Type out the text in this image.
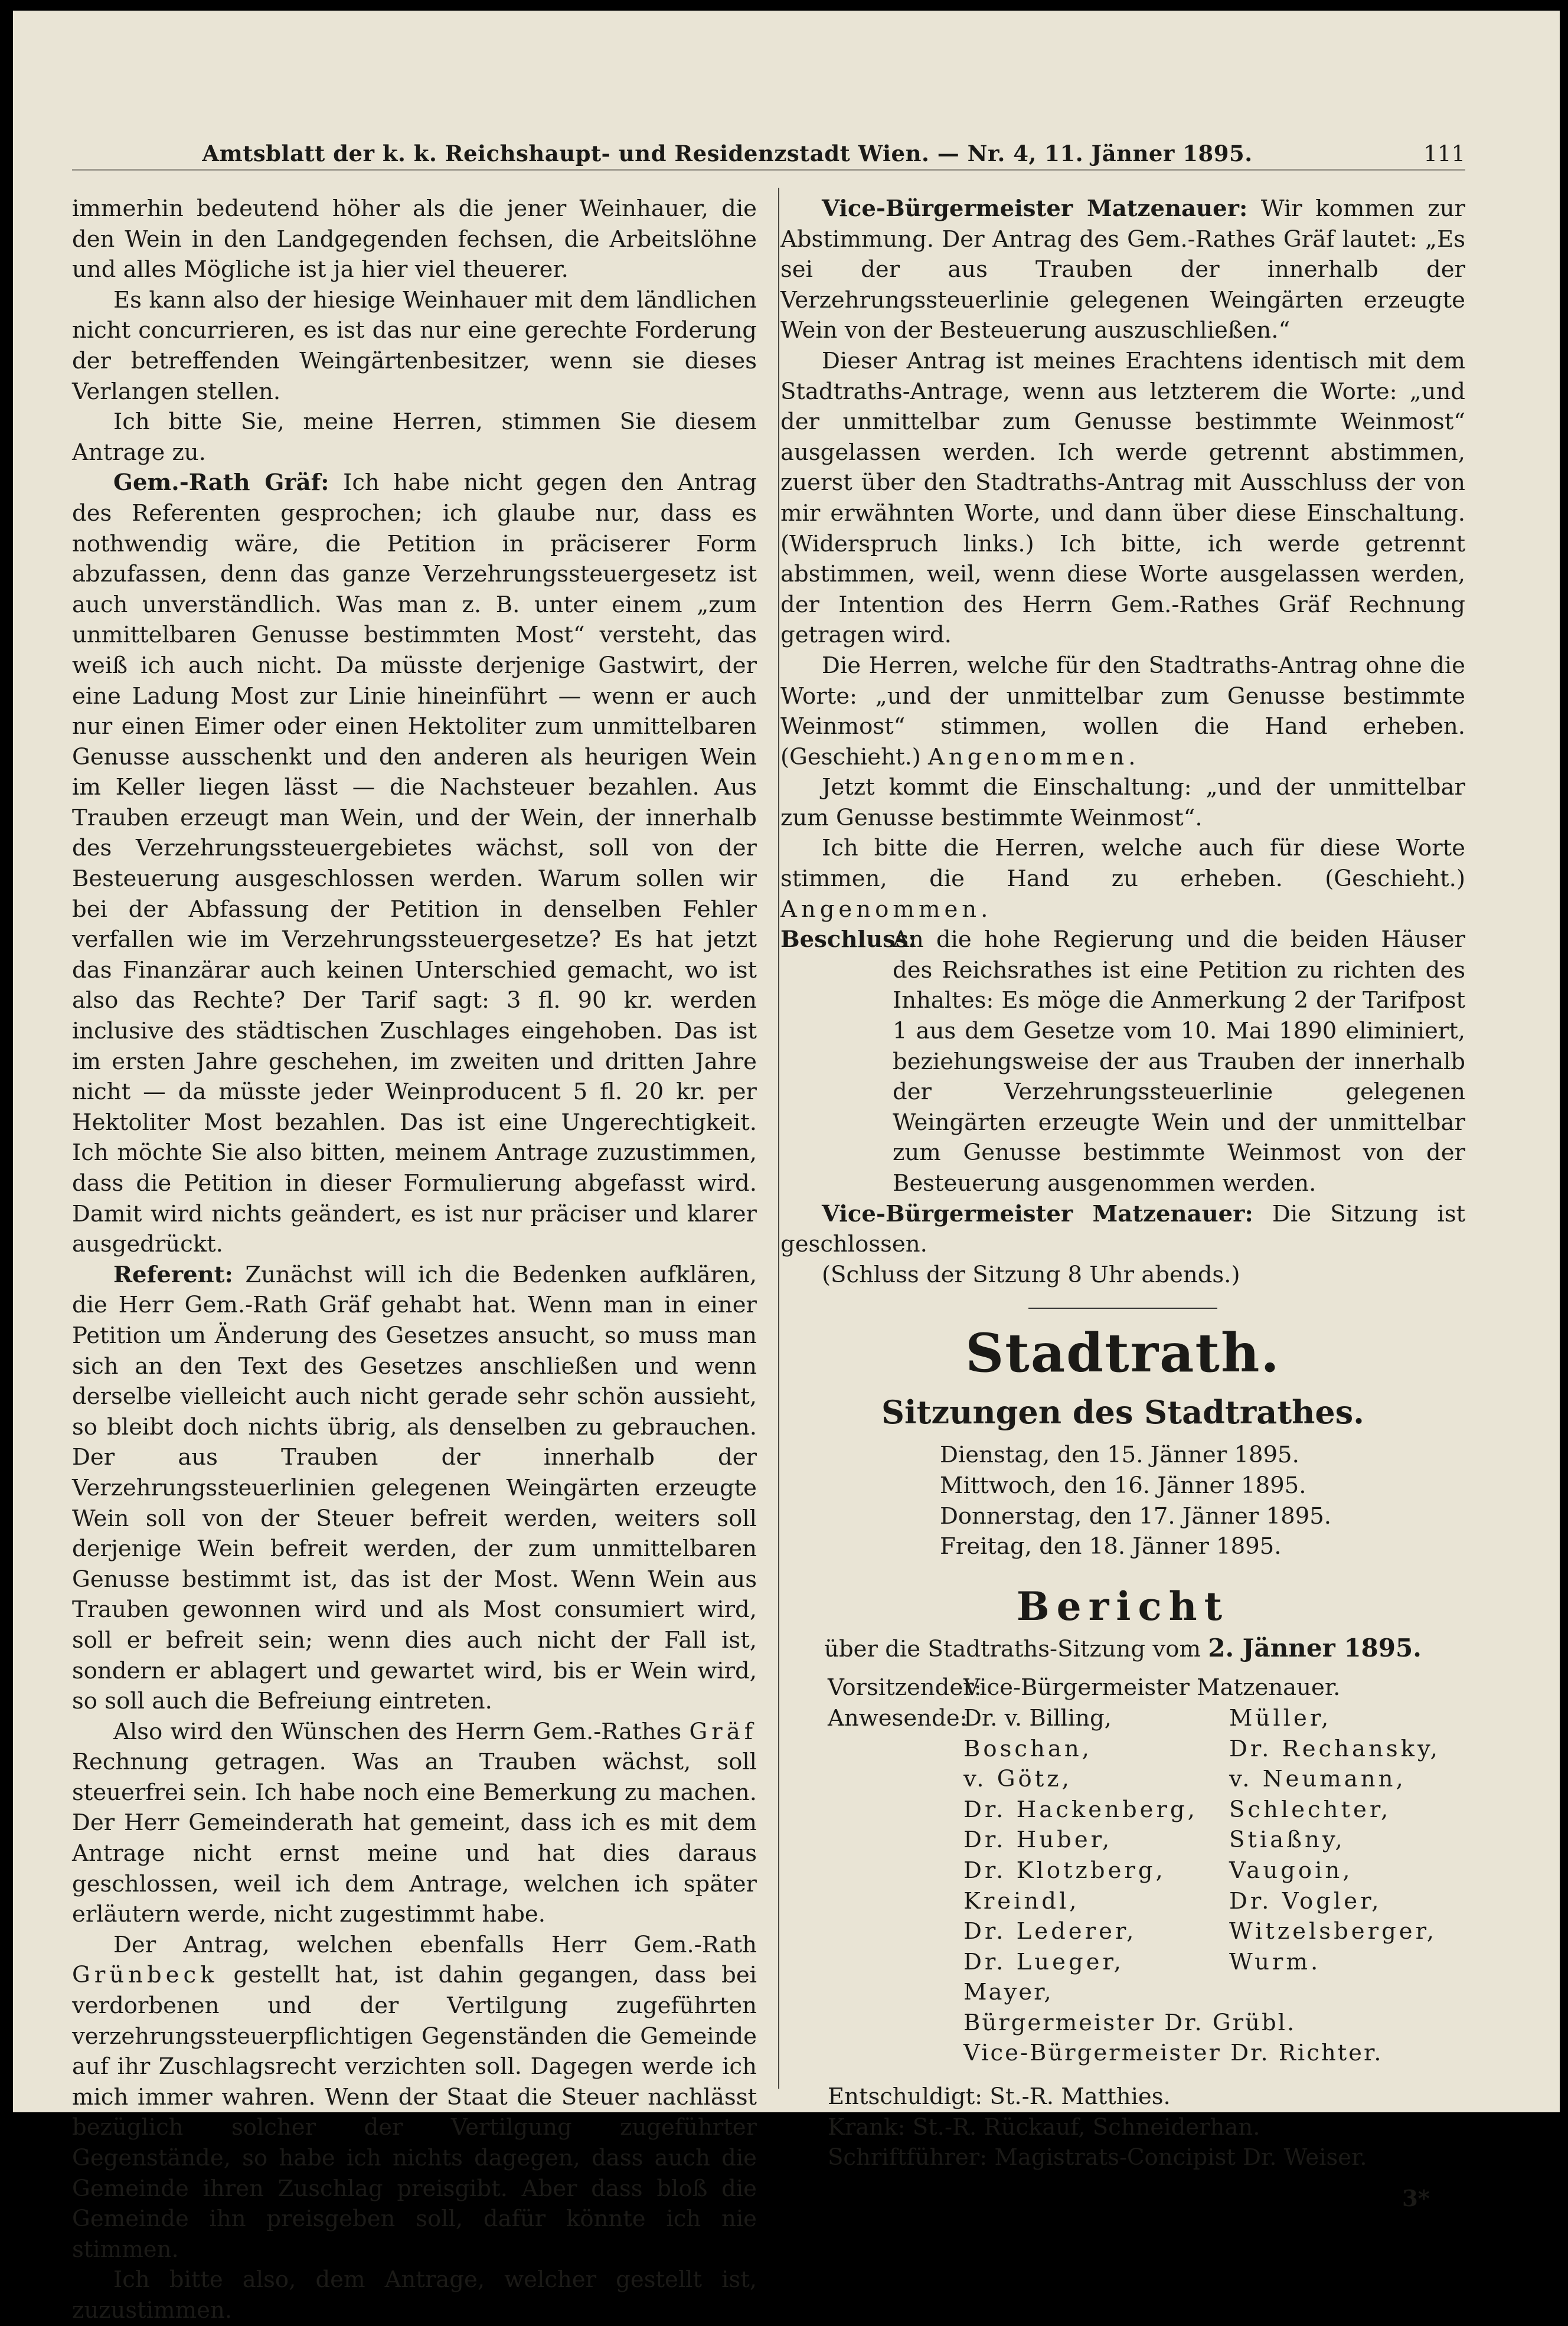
Amtsblatt der k. k. Reichshaupt- und Residenzstadt Wien. — Nr. 4, 11. Jänner 1895.	111

immerhin bedeutend höher als die jener Weinhauer, die den Wein in den Landgegenden fechsen, die Arbeitslöhne und alles Mögliche ist ja hier viel theuerer.

Es kann also der hiesige Weinhauer mit dem ländlichen nicht concurrieren, es ist das nur eine gerechte Forderung der betreffenden Weingärtenbesitzer, wenn sie dieses Verlangen stellen.

Ich bitte Sie, meine Herren, stimmen Sie diesem Antrage zu.

Gem.-Rath Gräf: Ich habe nicht gegen den Antrag des Referenten gesprochen; ich glaube nur, dass es nothwendig wäre, die Petition in präciserer Form abzufassen, denn das ganze Verzehrungssteuergesetz ist auch unverständlich. Was man z. B. unter einem „zum unmittelbaren Genusse bestimmten Most“ versteht, das weiß ich auch nicht. Da müsste derjenige Gastwirt, der eine Ladung Most zur Linie hineinführt — wenn er auch nur einen Eimer oder einen Hektoliter zum unmittelbaren Genusse ausschenkt und den anderen als heurigen Wein im Keller liegen lässt — die Nachsteuer bezahlen. Aus Trauben erzeugt man Wein, und der Wein, der innerhalb des Verzehrungssteuergebietes wächst, soll von der Besteuerung ausgeschlossen werden. Warum sollen wir bei der Abfassung der Petition in denselben Fehler verfallen wie im Verzehrungssteuergesetze? Es hat jetzt das Finanzärar auch keinen Unterschied gemacht, wo ist also das Rechte? Der Tarif sagt: 3 fl. 90 kr. werden inclusive des städtischen Zuschlages eingehoben. Das ist im ersten Jahre geschehen, im zweiten und dritten Jahre nicht — da müsste jeder Weinproducent 5 fl. 20 kr. per Hektoliter Most bezahlen. Das ist eine Ungerechtigkeit. Ich möchte Sie also bitten, meinem Antrage zuzustimmen, dass die Petition in dieser Formulierung abgefasst wird. Damit wird nichts geändert, es ist nur präciser und klarer ausgedrückt.

Referent: Zunächst will ich die Bedenken aufklären, die Herr Gem.-Rath Gräf gehabt hat. Wenn man in einer Petition um Änderung des Gesetzes ansucht, so muss man sich an den Text des Gesetzes anschließen und wenn derselbe vielleicht auch nicht gerade sehr schön aussieht, so bleibt doch nichts übrig, als denselben zu gebrauchen. Der aus Trauben der innerhalb der Verzehrungssteuerlinien gelegenen Weingärten erzeugte Wein soll von der Steuer befreit werden, weiters soll derjenige Wein befreit werden, der zum unmittelbaren Genusse bestimmt ist, das ist der Most. Wenn Wein aus Trauben gewonnen wird und als Most consumiert wird, soll er befreit sein; wenn dies auch nicht der Fall ist, sondern er ablagert und gewartet wird, bis er Wein wird, so soll auch die Befreiung eintreten.

Also wird den Wünschen des Herrn Gem.-Rathes Gräf Rechnung getragen. Was an Trauben wächst, soll steuerfrei sein. Ich habe noch eine Bemerkung zu machen. Der Herr Gemeinderath hat gemeint, dass ich es mit dem Antrage nicht ernst meine und hat dies daraus geschlossen, weil ich dem Antrage, welchen ich später erläutern werde, nicht zugestimmt habe.

Der Antrag, welchen ebenfalls Herr Gem.-Rath Grünbeck gestellt hat, ist dahin gegangen, dass bei verdorbenen und der Vertilgung zugeführten verzehrungssteuerpflichtigen Gegenständen die Gemeinde auf ihr Zuschlagsrecht verzichten soll. Dagegen werde ich mich immer wahren. Wenn der Staat die Steuer nachlässt bezüglich solcher der Vertilgung zugeführter Gegenstände, so habe ich nichts dagegen, dass auch die Gemeinde ihren Zuschlag preisgibt. Aber dass bloß die Gemeinde ihn preisgeben soll, dafür könnte ich nie stimmen.

Ich bitte also, dem Antrage, welcher gestellt ist, zuzustimmen.

Vice-Bürgermeister Matzenauer: Wir kommen zur Abstimmung. Der Antrag des Gem.-Rathes Gräf lautet: „Es sei der aus Trauben der innerhalb der Verzehrungssteuerlinie gelegenen Weingärten erzeugte Wein von der Besteuerung auszuschließen.“

Dieser Antrag ist meines Erachtens identisch mit dem Stadtraths-Antrage, wenn aus letzterem die Worte: „und der unmittelbar zum Genusse bestimmte Weinmost“ ausgelassen werden. Ich werde getrennt abstimmen, zuerst über den Stadtraths-Antrag mit Ausschluss der von mir erwähnten Worte, und dann über diese Einschaltung. (Widerspruch links.) Ich bitte, ich werde getrennt abstimmen, weil, wenn diese Worte ausgelassen werden, der Intention des Herrn Gem.-Rathes Gräf Rechnung getragen wird.

Die Herren, welche für den Stadtraths-Antrag ohne die Worte: „und der unmittelbar zum Genusse bestimmte Weinmost“ stimmen, wollen die Hand erheben. (Geschieht.) Angenommen.

Jetzt kommt die Einschaltung: „und der unmittelbar zum Genusse bestimmte Weinmost“.

Ich bitte die Herren, welche auch für diese Worte stimmen, die Hand zu erheben. (Geschieht.) Angenommen.

Beschluss:
An die hohe Regierung und die beiden Häuser des Reichsrathes ist eine Petition zu richten des Inhaltes: Es möge die Anmerkung 2 der Tarifpost 1 aus dem Gesetze vom 10. Mai 1890 eliminiert, beziehungsweise der aus Trauben der innerhalb der Verzehrungssteuerlinie gelegenen Weingärten erzeugte Wein und der unmittelbar zum Genusse bestimmte Weinmost von der Besteuerung ausgenommen werden.

Vice-Bürgermeister Matzenauer: Die Sitzung ist geschlossen.

(Schluss der Sitzung 8 Uhr abends.)

Stadtrath.
Sitzungen des Stadtrathes.
Dienstag, den 15. Jänner 1895.
Mittwoch, den 16. Jänner 1895.
Donnerstag, den 17. Jänner 1895.
Freitag, den 18. Jänner 1895.
Bericht
über die Stadtraths-Sitzung vom 2. Jänner 1895.
Vorsitzender:
Vice-Bürgermeister Matzenauer.
Anwesende:
Dr. v. Billing,	Müller,
Boschan,	Dr. Rechansky,
v. Götz,	v. Neumann,
Dr. Hackenberg,	Schlechter,
Dr. Huber,	Stiaßny,
Dr. Klotzberg,	Vaugoin,
Kreindl,	Dr. Vogler,
Dr. Lederer,	Witzelsberger,
Dr. Lueger,	Wurm.
Mayer,
Bürgermeister Dr. Grübl.
Vice-Bürgermeister Dr. Richter.
Entschuldigt: St.-R. Matthies.
Krank: St.-R. Rückauf, Schneiderhan.
Schriftführer: Magistrats-Concipist Dr. Weiser.
3*
